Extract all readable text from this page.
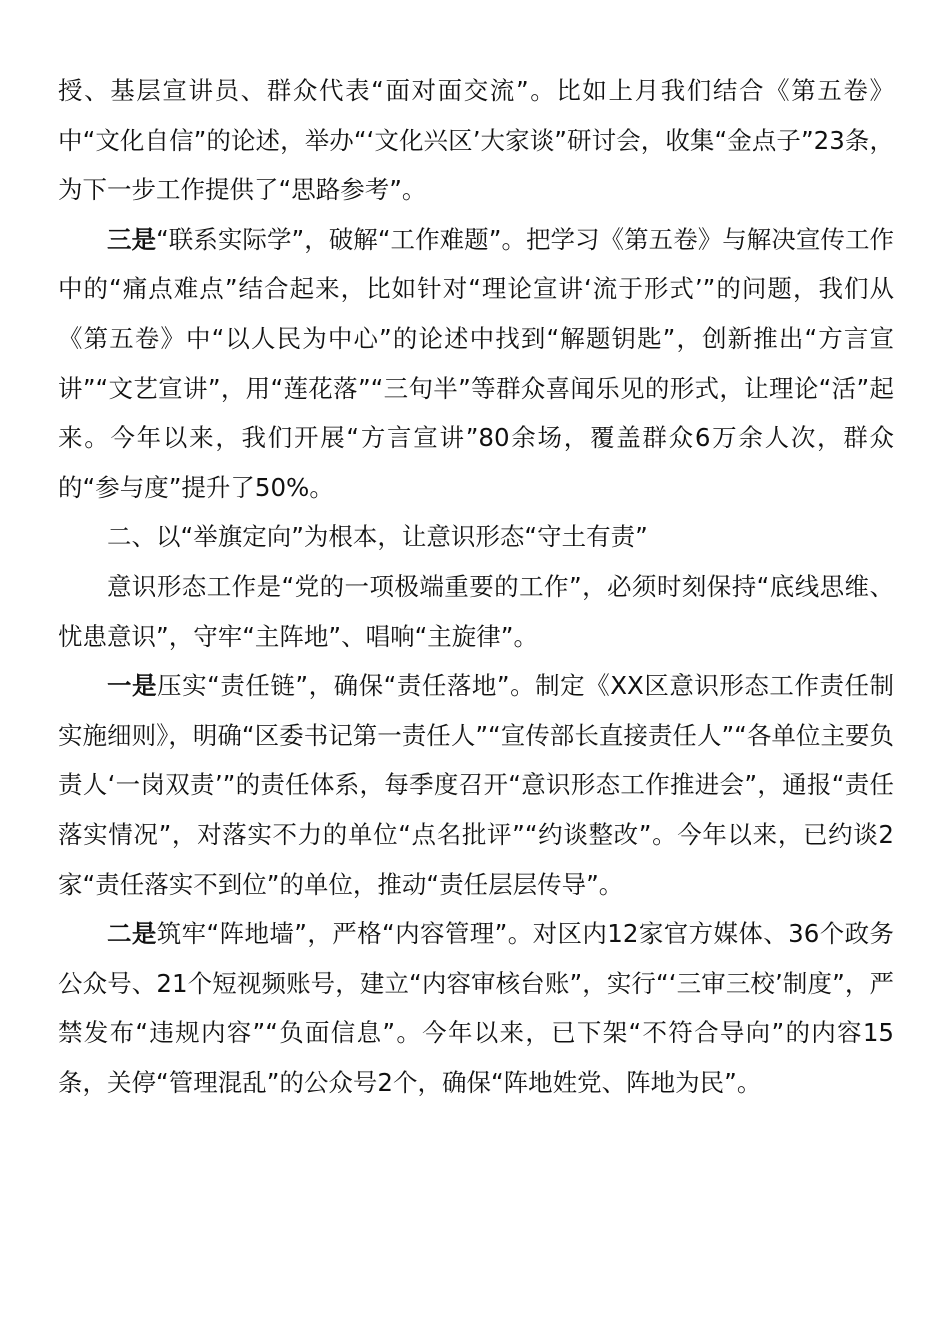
授、基层宣讲员、群众代表“面对面交流”。比如上月我们结合《第五卷》中“文化自信”的论述，举办“‘文化兴区’大家谈”研讨会，收集“金点子”23条，为下一步工作提供了“思路参考”。

三是“联系实际学”，破解“工作难题”。把学习《第五卷》与解决宣传工作中的“痛点难点”结合起来，比如针对“理论宣讲‘流于形式’”的问题，我们从《第五卷》中“以人民为中心”的论述中找到“解题钥匙”，创新推出“方言宣讲”“文艺宣讲”，用“莲花落”“三句半”等群众喜闻乐见的形式，让理论“活”起来。今年以来，我们开展“方言宣讲”80余场，覆盖群众6万余人次，群众的“参与度”提升了50%。

二、以“举旗定向”为根本，让意识形态“守土有责”

意识形态工作是“党的一项极端重要的工作”，必须时刻保持“底线思维、忧患意识”，守牢“主阵地”、唱响“主旋律”。

一是压实“责任链”，确保“责任落地”。制定《XX区意识形态工作责任制实施细则》，明确“区委书记第一责任人”“宣传部长直接责任人”“各单位主要负责人‘一岗双责’”的责任体系，每季度召开“意识形态工作推进会”，通报“责任落实情况”，对落实不力的单位“点名批评”“约谈整改”。今年以来，已约谈2家“责任落实不到位”的单位，推动“责任层层传导”。

二是筑牢“阵地墙”，严格“内容管理”。对区内12家官方媒体、36个政务公众号、21个短视频账号，建立“内容审核台账”，实行“‘三审三校’制度”，严禁发布“违规内容”“负面信息”。今年以来，已下架“不符合导向”的内容15条，关停“管理混乱”的公众号2个，确保“阵地姓党、阵地为民”。
